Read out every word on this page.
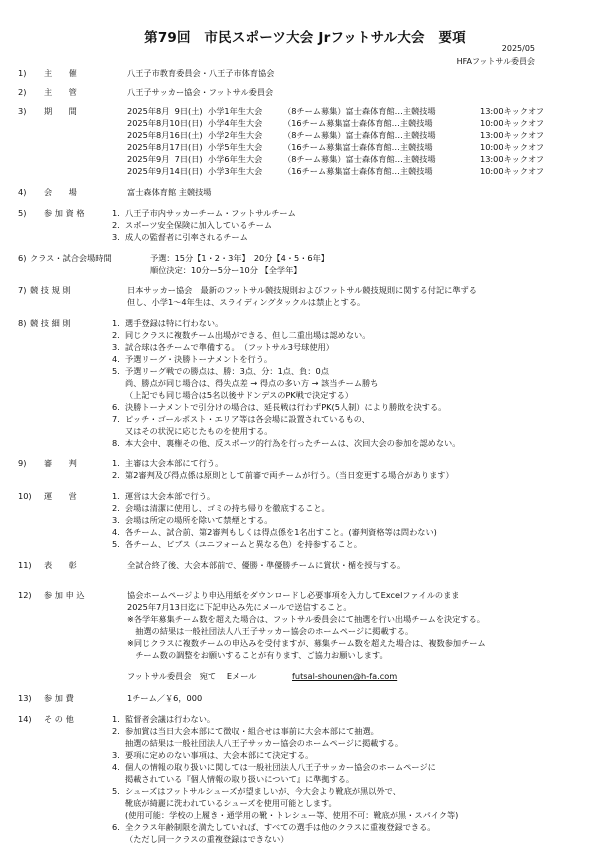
第79回　市民スポーツ大会 Jrフットサル大会　要項
2025/05
HFAフットサル委員会
1) 主　　催	八王子市教育委員会・八王子市体育協会
2) 主　　管	八王子サッカー協会・フットサル委員会
3) 期　　間	2025年8月  9日(土) 小学1年生大会	（8チーム募集）富士森体育館…主競技場	13:00キックオフ
2025年8月10日(日) 小学4年生大会	（16チーム募集富士森体育館…主競技場	10:00キックオフ
2025年8月16日(土) 小学2年生大会	（8チーム募集）富士森体育館…主競技場	13:00キックオフ
2025年8月17日(日) 小学5年生大会	（16チーム募集富士森体育館…主競技場	10:00キックオフ
2025年9月  7日(日) 小学6年生大会	（8チーム募集）富士森体育館…主競技場	13:00キックオフ
2025年9月14日(日) 小学3年生大会	（16チーム募集富士森体育館…主競技場	10:00キックオフ
4) 会　　場	富士森体育館 主競技場
5) 参 加 資 格	1.  八王子市内サッカーチーム・フットサルチーム
2.  スポーツ安全保険に加入しているチーム
3.  成人の監督者に引率されるチーム
6) クラス・試合会場時間	予選：15分【1・2・3年】　20分【4・5・6年】
順位決定：10分ー5分ー10分 【全学年】
7) 競 技 規 則	日本サッカー協会　最新のフットサル競技規則およびフットサル競技規則に関する付記に準ずる
但し、小学1～4年生は、スライディングタックルは禁止とする。
8) 競 技 細 則	1.  選手登録は特に行わない。
2.  同じクラスに複数チーム出場ができる、但し二重出場は認めない。
3.  試合球は各チームで準備する。　（フットサル3号球使用）
4.  予選リーグ・決勝トーナメントを行う。
5.  予選リーグ戦での勝点は、勝：3点、分：1点、負：0点
尚、勝点が同じ場合は、得失点差 → 得点の多い方 → 該当チーム勝ち
（上記でも同じ場合は5名以後サドンデスのPK戦で決定する）
6.  決勝トーナメントで引分けの場合は、延長戦は行わずPK(5人制）により勝敗を決する。
7.  ピッチ・ゴールポスト・エリア等は各会場に設置されているもの、
又はその状況に応じたものを使用する。
8.  本大会中、裏権その他、反スポーツ的行為を行ったチームは、次回大会の参加を認めない。
9) 審　　判	1.  主審は大会本部にて行う。
2.  第2審判及び得点係は原則として前審で両チームが行う。（当日変更する場合があります）
10) 運　　営	1.  運営は大会本部で行う。
2.  会場は清潔に使用し、ゴミの持ち帰りを徹底すること。
3.  会場は所定の場所を除いて禁煙とする。
4.  各チーム、試合前、第2審判もしくは得点係を1名出すこと。(審判資格等は問わない)
5.  各チーム、ビブス（ユニフォームと異なる色）を持参すること。
11) 表　　彰	全試合終了後、大会本部前で、優勝・準優勝チームに賞状・楯を授与する。
12) 参 加 申 込	協会ホームページより申込用紙をダウンロードし必要事項を入力してExcelファイルのまま
2025年7月13日迄に下記申込み先にメールで送信すること。
※各学年募集チーム数を超えた場合は、フットサル委員会にて抽選を行い出場チームを決定する。
　抽選の結果は一般社団法人八王子サッカー協会のホームページに掲載する。
※同じクラスに複数チームの申込みを受付ますが、募集チーム数を超えた場合は、複数参加チーム
　チーム数の調整をお願いすることが有ります、ご協力お願いします。
フットサル委員会　宛て　 Eメール	futsal-shounen@h-fa.com
13) 参 加 費	1チーム／￥6，000
14) そ の 他	1.  監督者会議は行わない。
2.  参加賞は当日大会本部にて徴収・組合せは事前に大会本部にて抽選。
抽選の結果は一般社団法人八王子サッカー協会のホームページに掲載する。
3.  要項に定めのない事項は、大会本部にて決定する。
4.  個人の情報の取り扱いに関しては一般社団法人八王子サッカー協会のホームページに
掲載されている『個人情報の取り扱いについて』に準拠する。
5.  シューズはフットサルシューズが望ましいが、今大会より靴底が黒以外で、
靴底が綺麗に洗われているシューズを使用可能とします。
(使用可能：学校の上履き・通学用の靴・トレシュー等、使用不可：靴底が黒・スパイク等)
6.  全クラス年齢制限を満たしていれば、すべての選手は他のクラスに重複登録できる。
（ただし同一クラスの重複登録はできない）
